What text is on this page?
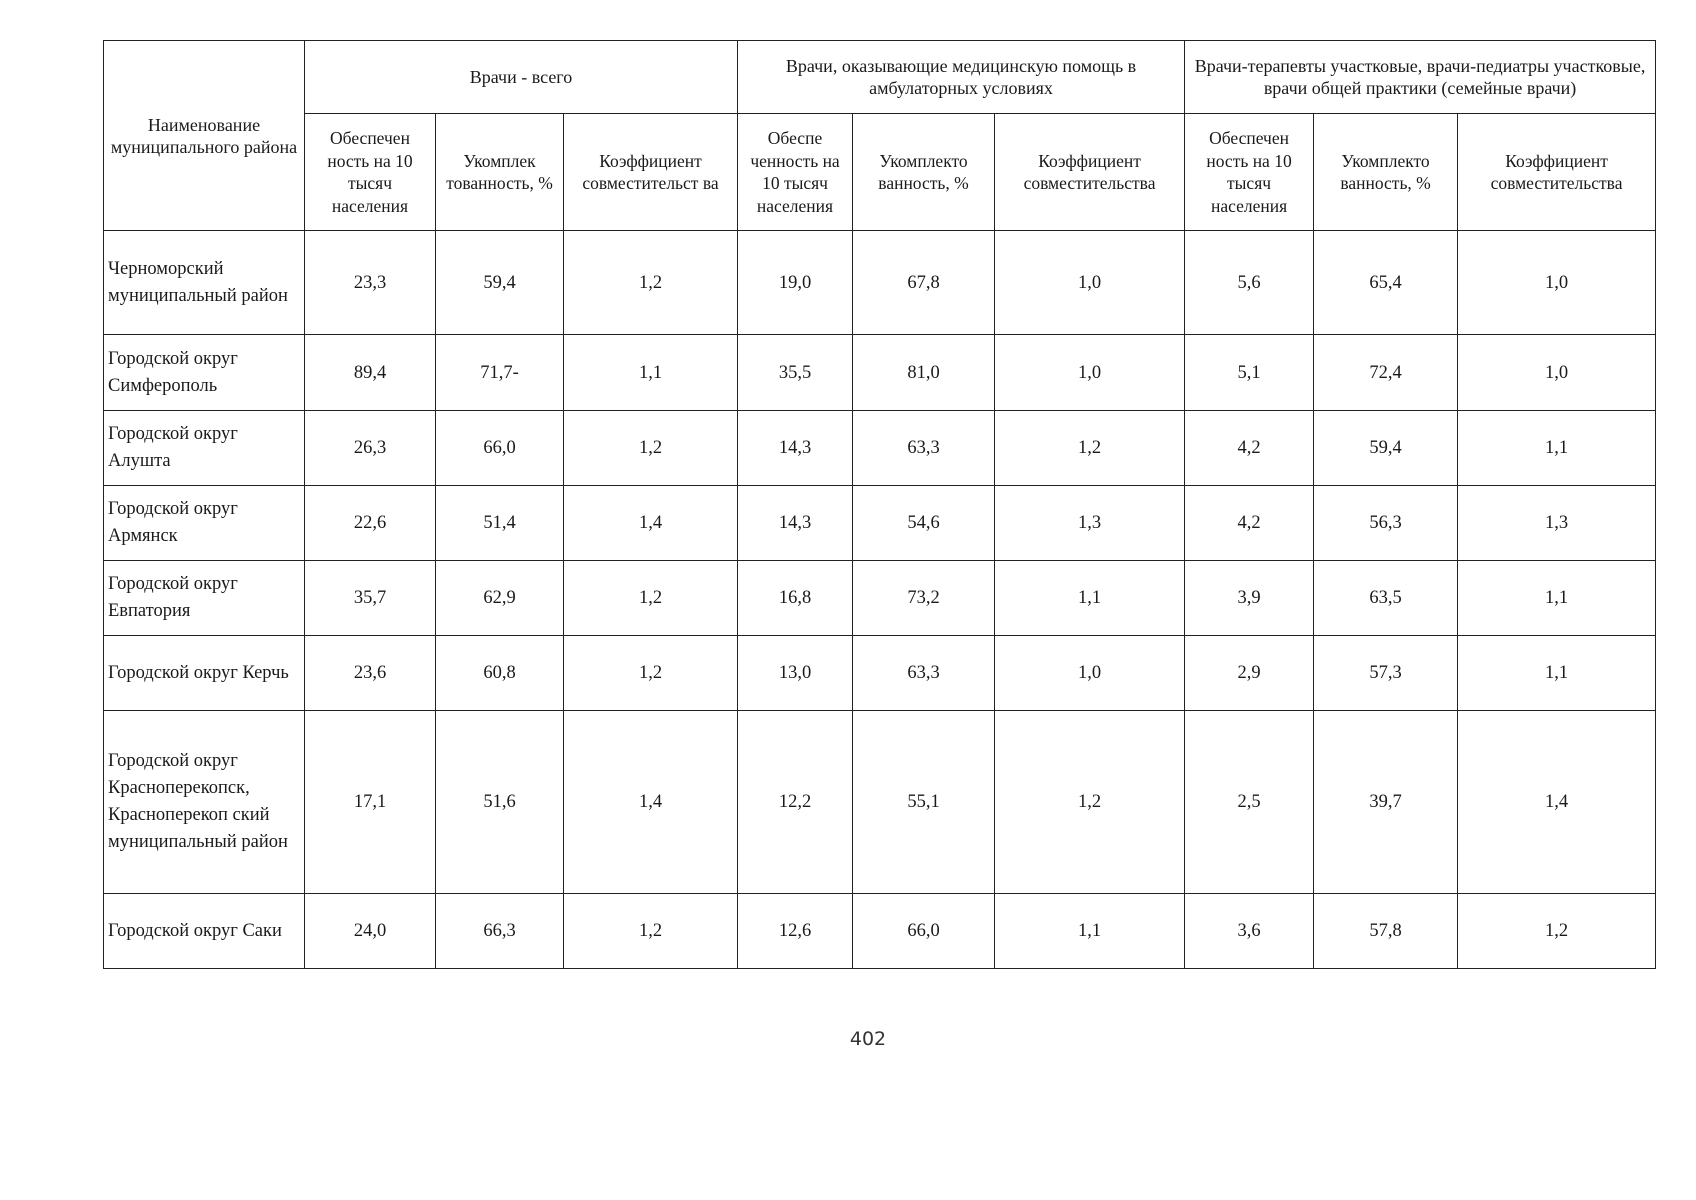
Наименование муниципального района	Врачи - всего			Врачи, оказывающие медицинскую помощь в амбулаторных условиях			Врачи-терапевты участковые, врачи-педиатры участковые, врачи общей практики (семейные врачи)		
	Обеспечен ность на 10 тысяч населения	Укомплек тованность, %	Коэффициент совместительст ва	Обеспе ченность на 10 тысяч населения	Укомплекто ванность, %	Коэффициент совместительства	Обеспечен ность на 10 тысяч населения	Укомплекто ванность, %	Коэффициент совместительства
Черноморский муниципальный район	23,3	59,4	1,2	19,0	67,8	1,0	5,6	65,4	1,0
Городской округ Симферополь	89,4	71,7-	1,1	35,5	81,0	1,0	5,1	72,4	1,0
Городской округ Алушта	26,3	66,0	1,2	14,3	63,3	1,2	4,2	59,4	1,1
Городской округ Армянск	22,6	51,4	1,4	14,3	54,6	1,3	4,2	56,3	1,3
Городской округ Евпатория	35,7	62,9	1,2	16,8	73,2	1,1	3,9	63,5	1,1
Городской округ Керчь	23,6	60,8	1,2	13,0	63,3	1,0	2,9	57,3	1,1
Городской округ Красноперекопск, Красноперекоп ский муниципальный район	17,1	51,6	1,4	12,2	55,1	1,2	2,5	39,7	1,4
Городской округ Саки	24,0	66,3	1,2	12,6	66,0	1,1	3,6	57,8	1,2
402
